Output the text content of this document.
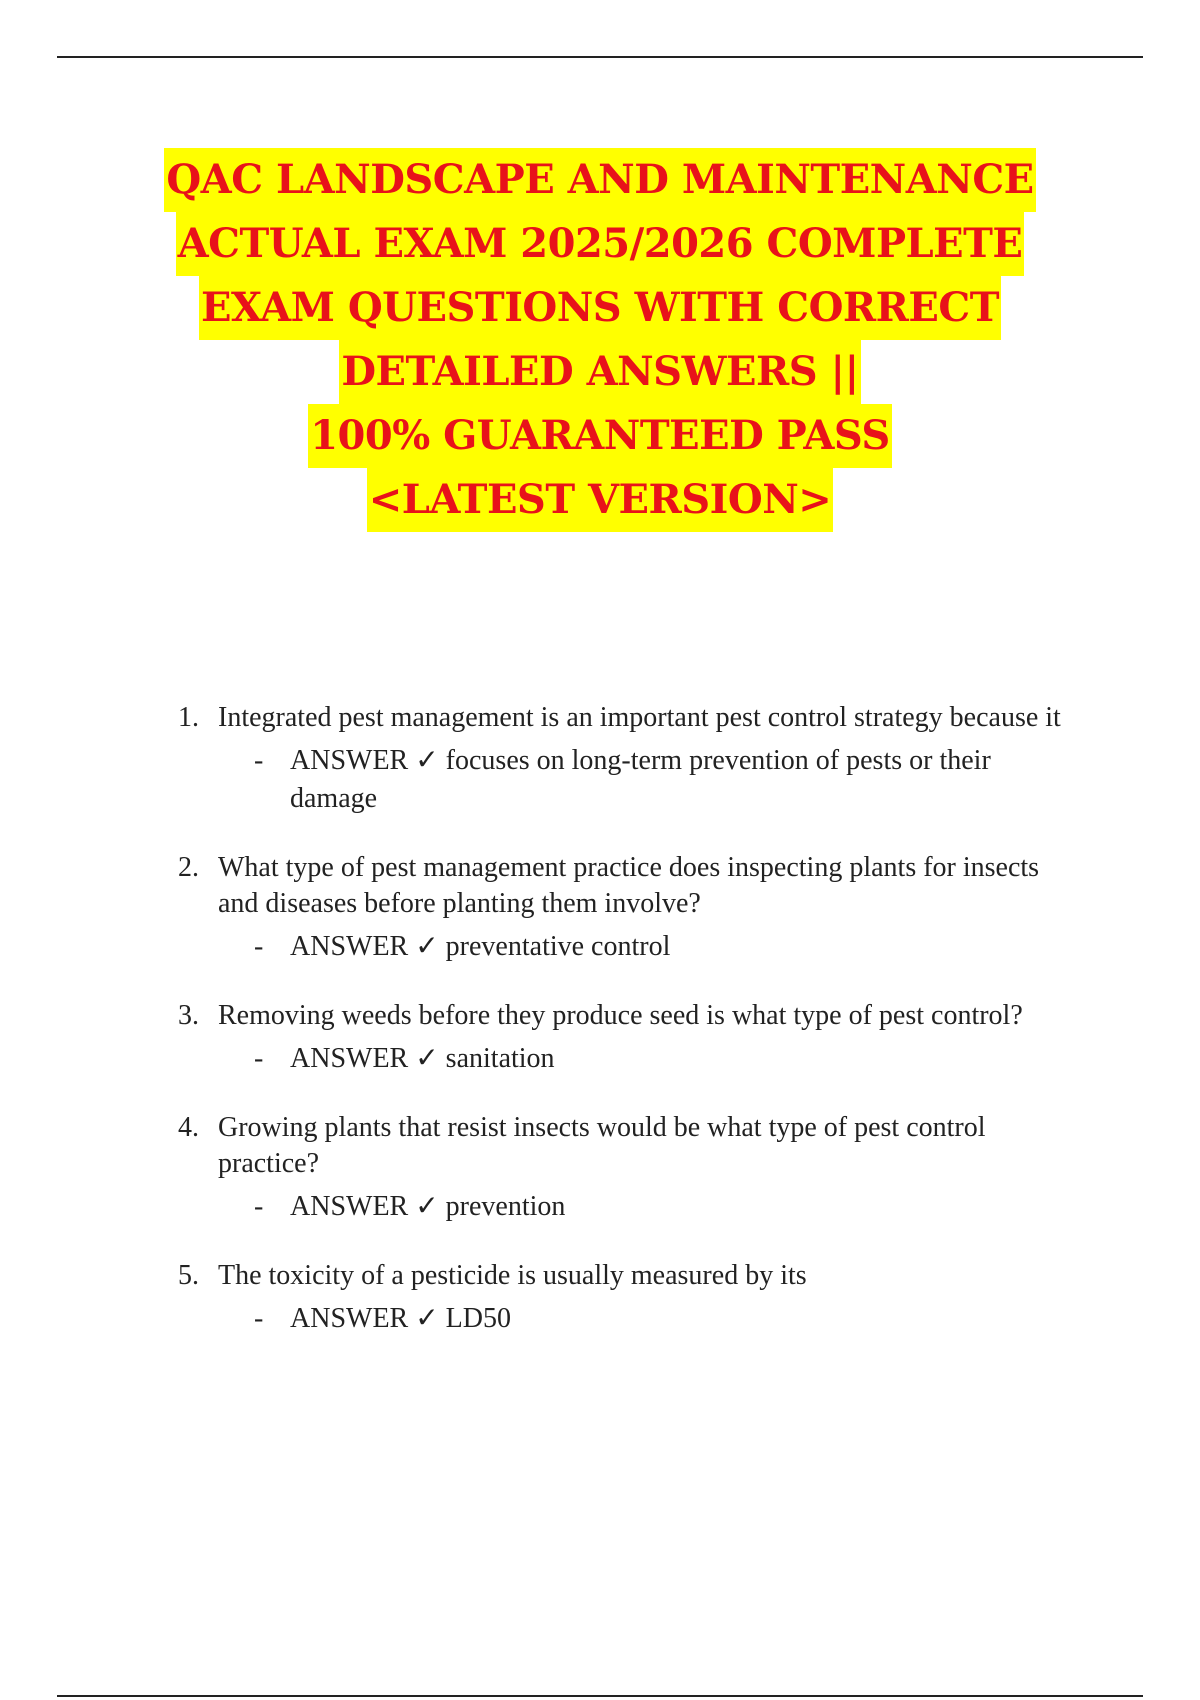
QAC LANDSCAPE AND MAINTENANCE
ACTUAL EXAM 2025/2026 COMPLETE
EXAM QUESTIONS WITH CORRECT
DETAILED ANSWERS ||
100% GUARANTEED PASS
<LATEST VERSION>
1. Integrated pest management is an important pest control strategy because it
- ANSWER ✓ focuses on long-term prevention of pests or their damage
2. What type of pest management practice does inspecting plants for insects and diseases before planting them involve?
- ANSWER ✓ preventative control
3. Removing weeds before they produce seed is what type of pest control?
- ANSWER ✓ sanitation
4. Growing plants that resist insects would be what type of pest control practice?
- ANSWER ✓ prevention
5. The toxicity of a pesticide is usually measured by its
- ANSWER ✓ LD50
